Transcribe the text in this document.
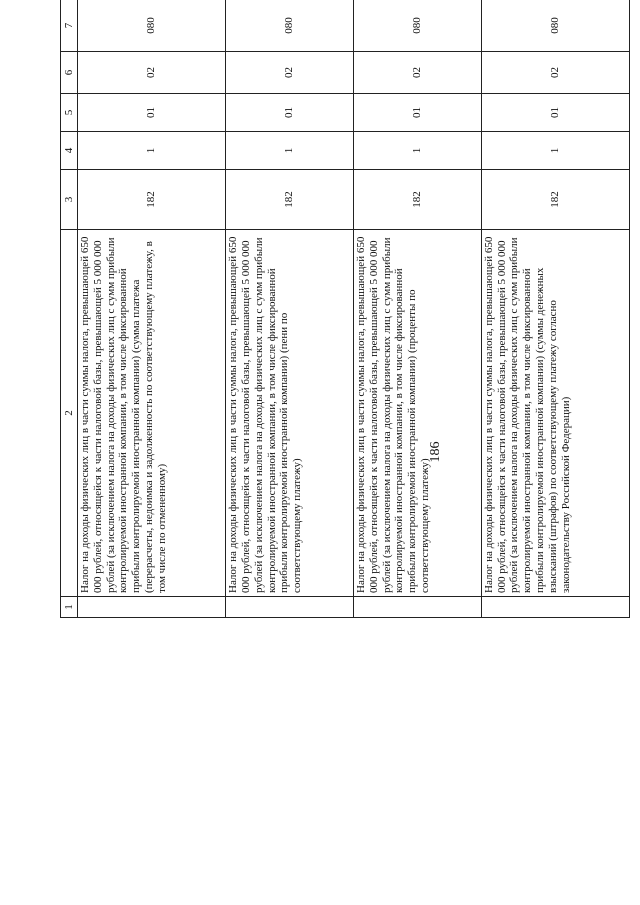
186
1	2	3	4	5	6	7			
	Налог на доходы физических лиц в части суммы налога, превышающей 650 000 рублей, относящейся к части налоговой базы, превышающей 5 000 000 рублей (за исключением налога на доходы физических лиц с сумм прибыли контролируемой иностранной компании, в том числе фиксированной прибыли контролируемой иностранной компании) (сумма платежа (перерасчеты, недоимка и задолженность по соответствующему платежу, в том числе по отмененному)	182	1	01	02	080			
	Налог на доходы физических лиц в части суммы налога, превышающей 650 000 рублей, относящейся к части налоговой базы, превышающей 5 000 000 рублей (за исключением налога на доходы физических лиц с сумм прибыли контролируемой иностранной компании, в том числе фиксированной прибыли контролируемой иностранной компании) (пени по соответствующему платежу)	182	1	01	02	080			
	Налог на доходы физических лиц в части суммы налога, превышающей 650 000 рублей, относящейся к части налоговой базы, превышающей 5 000 000 рублей (за исключением налога на доходы физических лиц с сумм прибыли контролируемой иностранной компании, в том числе фиксированной прибыли контролируемой иностранной компании) (проценты по соответствующему платежу)	182	1	01	02	080			
	Налог на доходы физических лиц в части суммы налога, превышающей 650 000 рублей, относящейся к части налоговой базы, превышающей 5 000 000 рублей (за исключением налога на доходы физических лиц с сумм прибыли контролируемой иностранной компании, в том числе фиксированной прибыли контролируемой иностранной компании) (суммы денежных взысканий (штрафов) по соответствующему платежу согласно законодательству Российской Федерации)	182	1	01	02	080			
